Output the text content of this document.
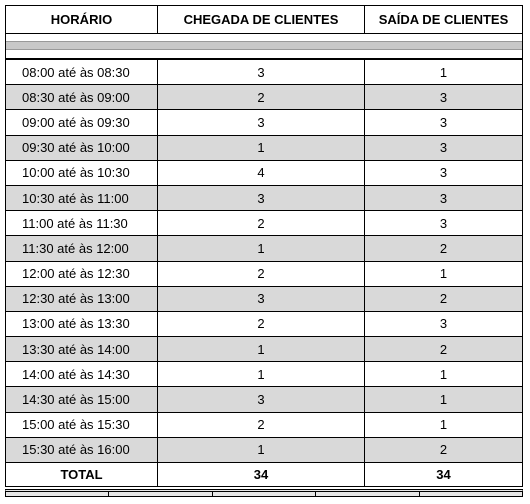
HORÁRIO	CHEGADA DE CLIENTES	SAÍDA DE CLIENTES
08:00 até às 08:30	3	1
08:30 até às 09:00	2	3
09:00 até às 09:30	3	3
09:30 até às 10:00	1	3
10:00 até às 10:30	4	3
10:30 até às 11:00	3	3
11:00 até às 11:30	2	3
11:30 até às 12:00	1	2
12:00 até às 12:30	2	1
12:30 até às 13:00	3	2
13:00 até às 13:30	2	3
13:30 até às 14:00	1	2
14:00 até às 14:30	1	1
14:30 até às 15:00	3	1
15:00 até às 15:30	2	1
15:30 até às 16:00	1	2
TOTAL	34	34
